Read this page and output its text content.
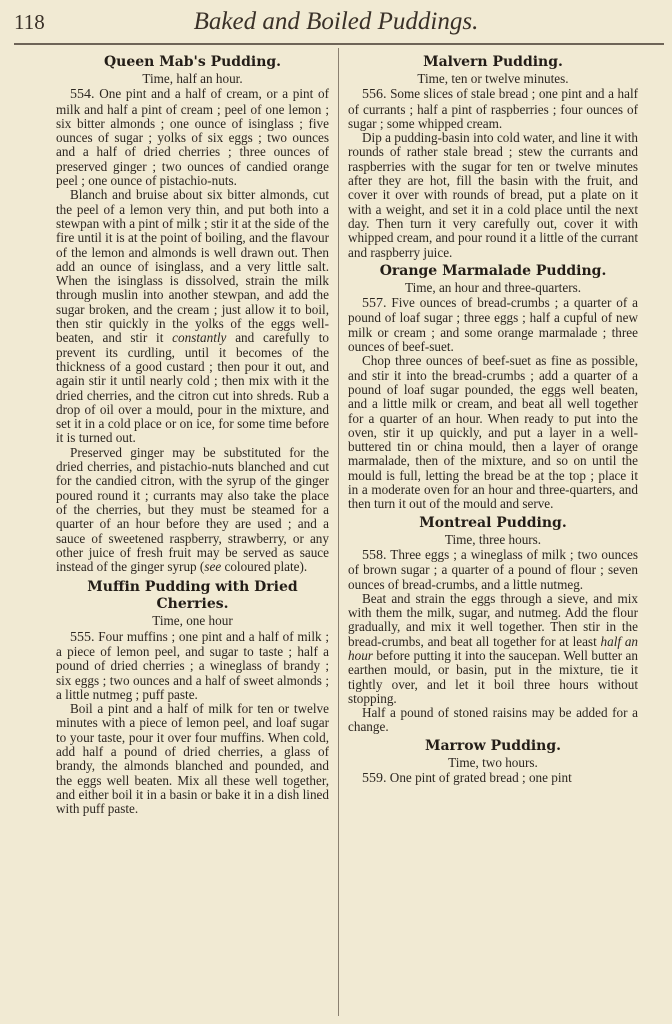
118	Baked and Boiled Puddings.
Queen Mab's Pudding.
Time, half an hour.

554. One pint and a half of cream, or a pint of milk and half a pint of cream ; peel of one lemon ; six bitter almonds ; one ounce of isinglass ; five ounces of sugar ; yolks of six eggs ; two ounces and a half of dried cherries ; three ounces of preserved ginger ; two ounces of candied orange peel ; one ounce of pistachio-nuts.

Blanch and bruise about six bitter almonds, cut the peel of a lemon very thin, and put both into a stewpan with a pint of milk ; stir it at the side of the fire until it is at the point of boiling, and the flavour of the lemon and almonds is well drawn out. Then add an ounce of isinglass, and a very little salt. When the isinglass is dissolved, strain the milk through muslin into another stewpan, and add the sugar broken, and the cream ; just allow it to boil, then stir quickly in the yolks of the eggs well-beaten, and stir it constantly and carefully to prevent its curdling, until it becomes of the thickness of a good custard ; then pour it out, and again stir it until nearly cold ; then mix with it the dried cherries, and the citron cut into shreds. Rub a drop of oil over a mould, pour in the mixture, and set it in a cold place or on ice, for some time before it is turned out.

Preserved ginger may be substituted for the dried cherries, and pistachio-nuts blanched and cut for the candied citron, with the syrup of the ginger poured round it ; currants may also take the place of the cherries, but they must be steamed for a quarter of an hour before they are used ; and a sauce of sweetened raspberry, strawberry, or any other juice of fresh fruit may be served as sauce instead of the ginger syrup (see coloured plate).

Muffin Pudding with Dried Cherries.
Time, one hour

555. Four muffins ; one pint and a half of milk ; a piece of lemon peel, and sugar to taste ; half a pound of dried cherries ; a wineglass of brandy ; six eggs ; two ounces and a half of sweet almonds ; a little nutmeg ; puff paste.

Boil a pint and a half of milk for ten or twelve minutes with a piece of lemon peel, and loaf sugar to your taste, pour it over four muffins. When cold, add half a pound of dried cherries, a glass of brandy, the almonds blanched and pounded, and the eggs well beaten. Mix all these well together, and either boil it in a basin or bake it in a dish lined with puff paste.

Malvern Pudding.
Time, ten or twelve minutes.

556. Some slices of stale bread ; one pint and a half of currants ; half a pint of raspberries ; four ounces of sugar ; some whipped cream.

Dip a pudding-basin into cold water, and line it with rounds of rather stale bread ; stew the currants and raspberries with the sugar for ten or twelve minutes after they are hot, fill the basin with the fruit, and cover it over with rounds of bread, put a plate on it with a weight, and set it in a cold place until the next day. Then turn it very carefully out, cover it with whipped cream, and pour round it a little of the currant and raspberry juice.

Orange Marmalade Pudding.
Time, an hour and three-quarters.

557. Five ounces of bread-crumbs ; a quarter of a pound of loaf sugar ; three eggs ; half a cupful of new milk or cream ; and some orange marmalade ; three ounces of beef-suet.

Chop three ounces of beef-suet as fine as possible, and stir it into the bread-crumbs ; add a quarter of a pound of loaf sugar pounded, the eggs well beaten, and a little milk or cream, and beat all well together for a quarter of an hour. When ready to put into the oven, stir it up quickly, and put a layer in a well-buttered tin or china mould, then a layer of orange marmalade, then of the mixture, and so on until the mould is full, letting the bread be at the top ; place it in a moderate oven for an hour and three-quarters, and then turn it out of the mould and serve.

Montreal Pudding.
Time, three hours.

558. Three eggs ; a wineglass of milk ; two ounces of brown sugar ; a quarter of a pound of flour ; seven ounces of bread-crumbs, and a little nutmeg.

Beat and strain the eggs through a sieve, and mix with them the milk, sugar, and nutmeg. Add the flour gradually, and mix it well together. Then stir in the bread-crumbs, and beat all together for at least half an hour before putting it into the saucepan. Well butter an earthen mould, or basin, put in the mixture, tie it tightly over, and let it boil three hours without stopping.

Half a pound of stoned raisins may be added for a change.

Marrow Pudding.
Time, two hours.

559. One pint of grated bread ; one pint
